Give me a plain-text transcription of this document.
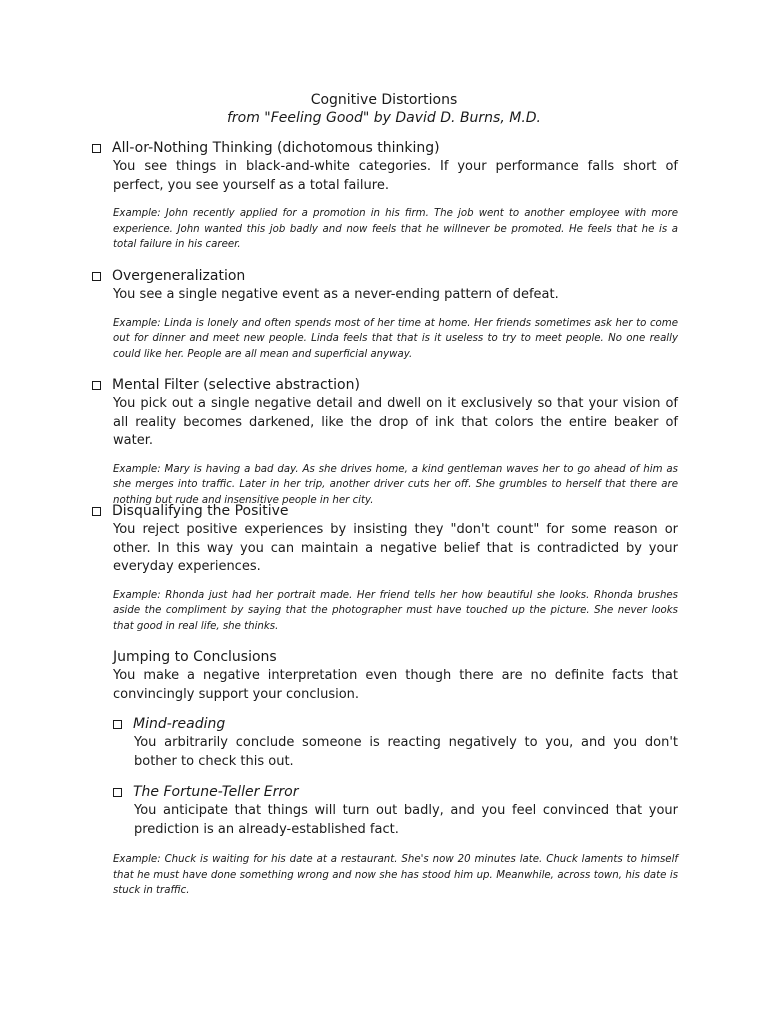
Cognitive Distortions
from "Feeling Good" by David D. Burns, M.D.
All-or-Nothing Thinking (dichotomous thinking)
You see things in black-and-white categories. If your performance falls short of perfect, you see yourself as a total failure.
Example: John recently applied for a promotion in his firm. The job went to another employee with more experience. John wanted this job badly and now feels that he willnever be promoted. He feels that he is a total failure in his career.
Overgeneralization
You see a single negative event as a never-ending pattern of defeat.
Example: Linda is lonely and often spends most of her time at home. Her friends sometimes ask her to come out for dinner and meet new people. Linda feels that that is it useless to try to meet people. No one really could like her. People are all mean and superficial anyway.
Mental Filter (selective abstraction)
You pick out a single negative detail and dwell on it exclusively so that your vision of all reality becomes darkened, like the drop of ink that colors the entire beaker of water.
Example: Mary is having a bad day. As she drives home, a kind gentleman waves her to go ahead of him as she merges into traffic. Later in her trip, another driver cuts her off. She grumbles to herself that there are nothing but rude and insensitive people in her city.
Disqualifying the Positive
You reject positive experiences by insisting they "don't count" for some reason or other. In this way you can maintain a negative belief that is contradicted by your everyday experiences.
Example: Rhonda just had her portrait made. Her friend tells her how beautiful she looks. Rhonda brushes aside the compliment by saying that the photographer must have touched up the picture. She never looks that good in real life, she thinks.
Jumping to Conclusions
You make a negative interpretation even though there are no definite facts that convincingly support your conclusion.
Mind-reading
You arbitrarily conclude someone is reacting negatively to you, and you don't bother to check this out.
The Fortune-Teller Error
You anticipate that things will turn out badly, and you feel convinced that your prediction is an already-established fact.
Example: Chuck is waiting for his date at a restaurant. She's now 20 minutes late. Chuck laments to himself that he must have done something wrong and now she has stood him up. Meanwhile, across town, his date is stuck in traffic.
